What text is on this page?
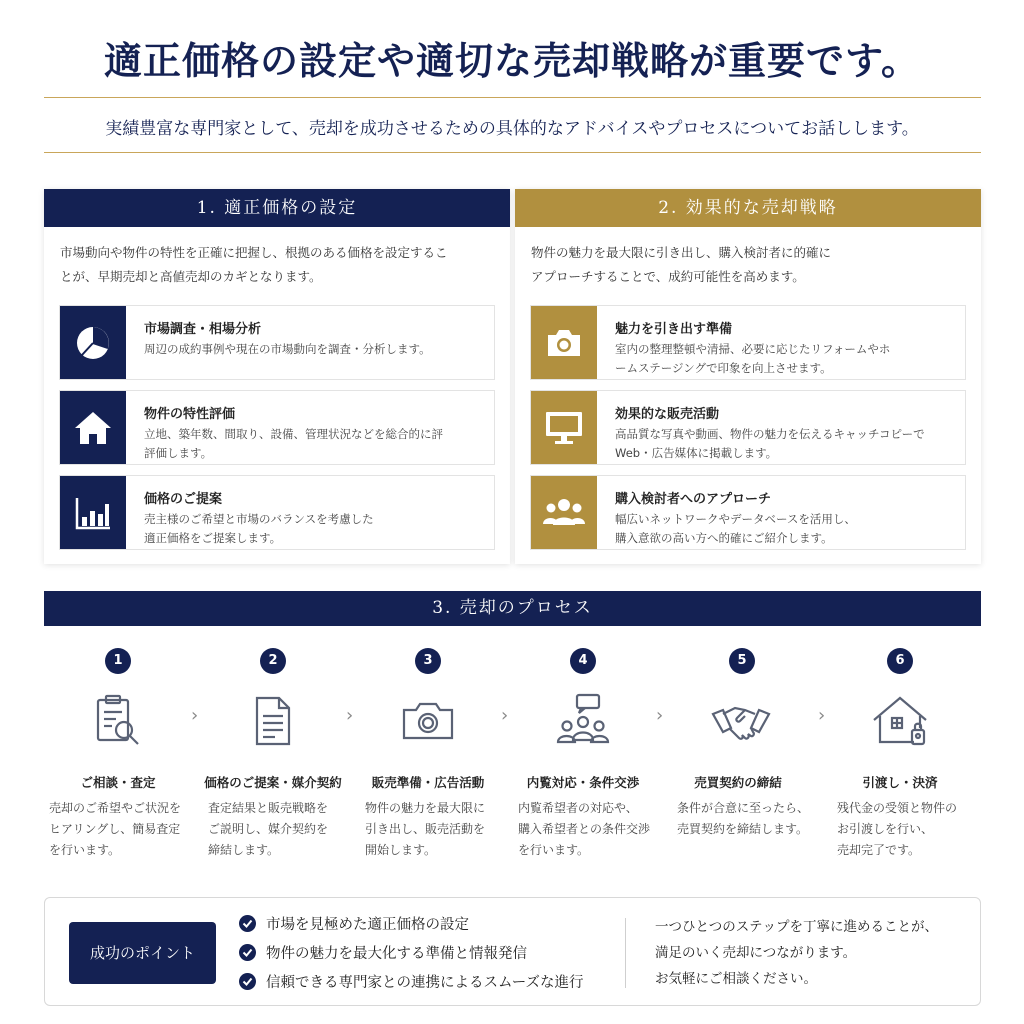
適正価格の設定や適切な売却戦略が重要です。
実績豊富な専門家として、売却を成功させるための具体的なアドバイスやプロセスについてお話しします。
1. 適正価格の設定
市場動向や物件の特性を正確に把握し、根拠のある価格を設定するこ
とが、早期売却と高値売却のカギとなります。
市場調査・相場分析
周辺の成約事例や現在の市場動向を調査・分析します。
物件の特性評価
立地、築年数、間取り、設備、管理状況などを総合的に評
評価します。
価格のご提案
売主様のご希望と市場のバランスを考慮した
適正価格をご提案します。
2. 効果的な売却戦略
物件の魅力を最大限に引き出し、購入検討者に的確に
アプローチすることで、成約可能性を高めます。
魅力を引き出す準備
室内の整理整頓や清掃、必要に応じたリフォームやホ
ームステージングで印象を向上させます。
効果的な販売活動
高品質な写真や動画、物件の魅力を伝えるキャッチコピーで
Web・広告媒体に掲載します。
購入検討者へのアプローチ
幅広いネットワークやデータベースを活用し、
購入意欲の高い方へ的確にご紹介します。
3. 売却のプロセス
1
ご相談・査定
売却のご希望やご状況を
ヒアリングし、簡易査定
を行います。
›
2
価格のご提案・媒介契約
査定結果と販売戦略を
ご説明し、媒介契約を
締結します。
›
3
販売準備・広告活動
物件の魅力を最大限に
引き出し、販売活動を
開始します。
›
4
内覧対応・条件交渉
内覧希望者の対応や、
購入希望者との条件交渉
を行います。
›
5
売買契約の締結
条件が合意に至ったら、
売買契約を締結します。
›
6
引渡し・決済
残代金の受領と物件の
お引渡しを行い、
売却完了です。
成功のポイント
市場を見極めた適正価格の設定
物件の魅力を最大化する準備と情報発信
信頼できる専門家との連携によるスムーズな進行
一つひとつのステップを丁寧に進めることが、
満足のいく売却につながります。
お気軽にご相談ください。
